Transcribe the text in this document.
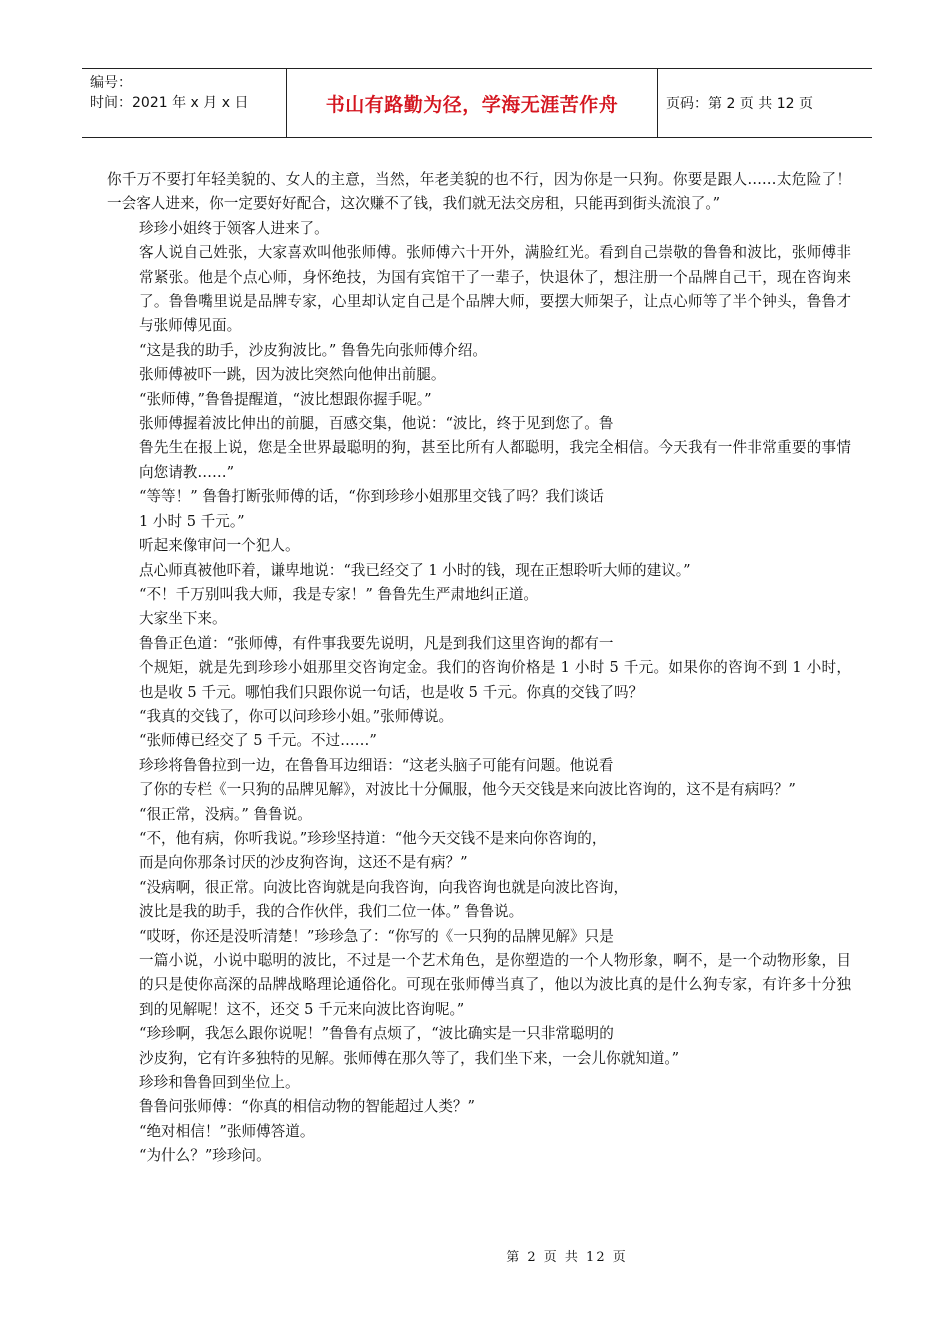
编号：
时间：2021 年 x 月 x 日	书山有路勤为径，学海无涯苦作舟	页码：第 2 页 共 12 页

你千万不要打年轻美貌的、女人的主意，当然，年老美貌的也不行，因为你是一只狗。你要是跟人……太危险了！一会客人进来，你一定要好好配合，这次赚不了钱，我们就无法交房租，只能再到街头流浪了。”

珍珍小姐终于领客人进来了。

客人说自己姓张，大家喜欢叫他张师傅。张师傅六十开外，满脸红光。看到自己崇敬的鲁鲁和波比，张师傅非常紧张。他是个点心师，身怀绝技，为国有宾馆干了一辈子，快退休了，想注册一个品牌自己干，现在咨询来了。鲁鲁嘴里说是品牌专家，心里却认定自己是个品牌大师，要摆大师架子，让点心师等了半个钟头，鲁鲁才与张师傅见面。

“这是我的助手，沙皮狗波比。” 鲁鲁先向张师傅介绍。

张师傅被吓一跳，因为波比突然向他伸出前腿。

“张师傅，”鲁鲁提醒道，“波比想跟你握手呢。”

张师傅握着波比伸出的前腿，百感交集，他说：“波比，终于见到您了。鲁

鲁先生在报上说，您是全世界最聪明的狗，甚至比所有人都聪明，我完全相信。今天我有一件非常重要的事情向您请教……”

“等等！” 鲁鲁打断张师傅的话，“你到珍珍小姐那里交钱了吗？我们谈话

1 小时 5 千元。”

听起来像审问一个犯人。

点心师真被他吓着，谦卑地说：“我已经交了 1 小时的钱，现在正想聆听大师的建议。”

“不！千万别叫我大师，我是专家！” 鲁鲁先生严肃地纠正道。

大家坐下来。

鲁鲁正色道：“张师傅，有件事我要先说明，凡是到我们这里咨询的都有一

个规矩，就是先到珍珍小姐那里交咨询定金。我们的咨询价格是 1 小时 5 千元。如果你的咨询不到 1 小时，也是收 5 千元。哪怕我们只跟你说一句话，也是收 5 千元。你真的交钱了吗？

“我真的交钱了，你可以问珍珍小姐。”张师傅说。

“张师傅已经交了 5 千元。不过……”

珍珍将鲁鲁拉到一边，在鲁鲁耳边细语：“这老头脑子可能有问题。他说看

了你的专栏《一只狗的品牌见解》，对波比十分佩服，他今天交钱是来向波比咨询的，这不是有病吗？”

“很正常，没病。” 鲁鲁说。

“不，他有病，你听我说。”珍珍坚持道：“他今天交钱不是来向你咨询的，

而是向你那条讨厌的沙皮狗咨询，这还不是有病？”

“没病啊，很正常。向波比咨询就是向我咨询，向我咨询也就是向波比咨询，

波比是我的助手，我的合作伙伴，我们二位一体。” 鲁鲁说。

“哎呀，你还是没听清楚！”珍珍急了：“你写的《一只狗的品牌见解》只是

一篇小说，小说中聪明的波比，不过是一个艺术角色，是你塑造的一个人物形象，啊不，是一个动物形象，目的只是使你高深的品牌战略理论通俗化。可现在张师傅当真了，他以为波比真的是什么狗专家，有许多十分独到的见解呢！这不，还交 5 千元来向波比咨询呢。”

“珍珍啊，我怎么跟你说呢！”鲁鲁有点烦了，“波比确实是一只非常聪明的

沙皮狗，它有许多独特的见解。张师傅在那久等了，我们坐下来，一会儿你就知道。”

珍珍和鲁鲁回到坐位上。

鲁鲁问张师傅：“你真的相信动物的智能超过人类？”

“绝对相信！”张师傅答道。

“为什么？”珍珍问。

第 2 页 共 12 页
